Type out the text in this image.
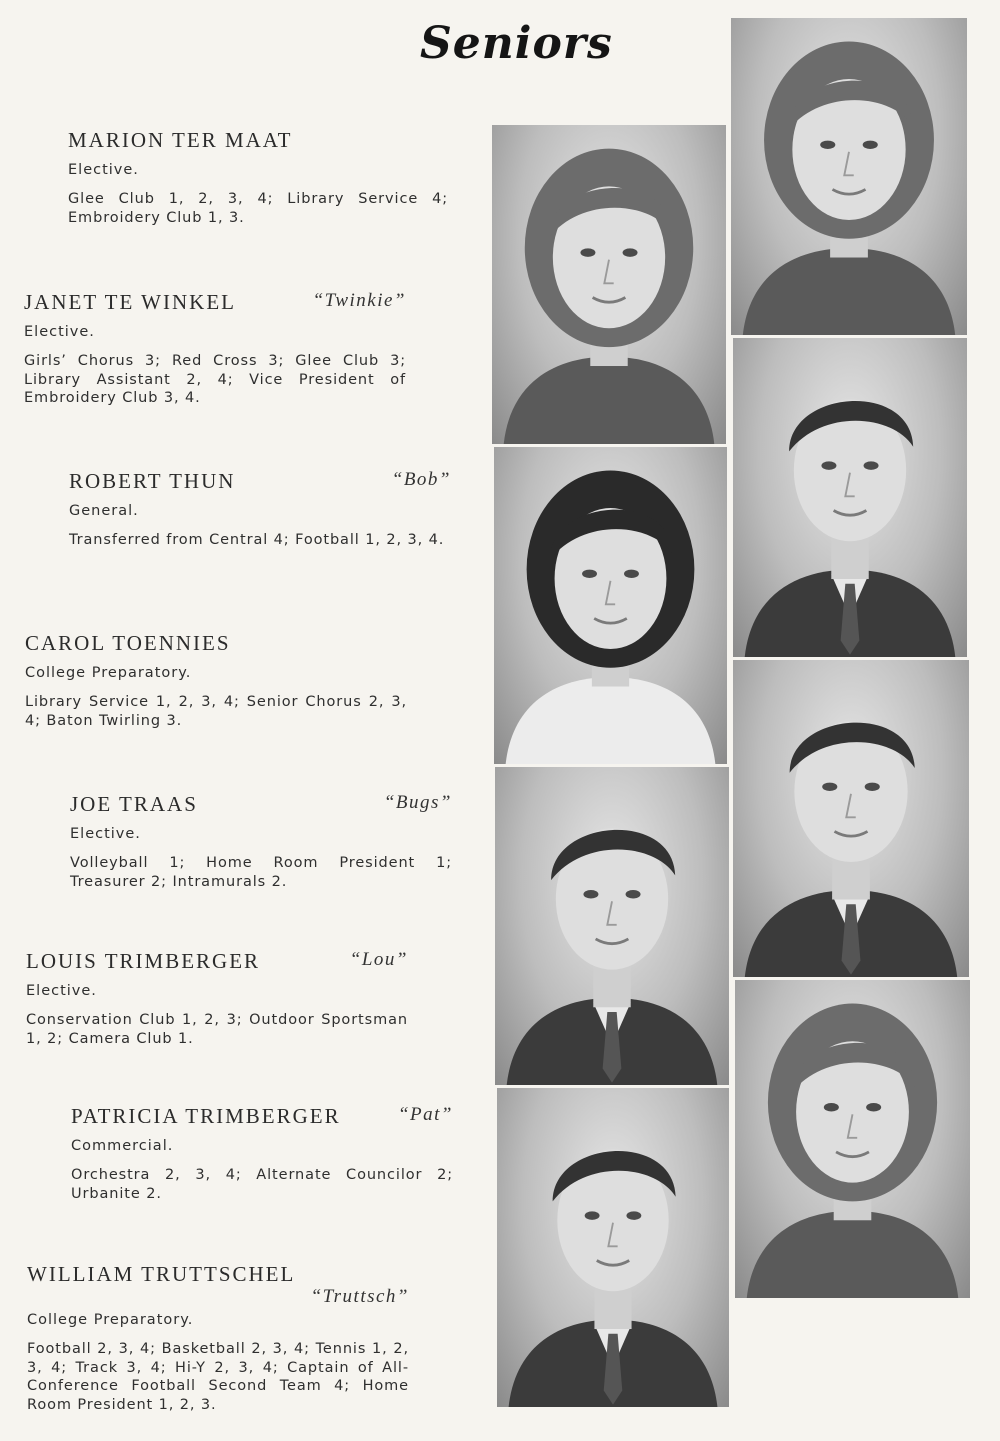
Seniors
MARION TER MAAT
Elective.
Glee Club 1, 2, 3, 4; Library Service 4; Embroidery Club 1, 3.
JANET TE WINKEL	“Twinkie”
Elective.
Girls’ Chorus 3; Red Cross 3; Glee Club 3; Library Assistant 2, 4; Vice President of Embroidery Club 3, 4.
ROBERT THUN	“Bob”
General.
Transferred from Central 4; Football 1, 2, 3, 4.
CAROL TOENNIES
College Preparatory.
Library Service 1, 2, 3, 4; Senior Chorus 2, 3, 4; Baton Twirling 3.
JOE TRAAS	“Bugs”
Elective.
Volleyball 1; Home Room President 1; Treasurer 2; Intramurals 2.
LOUIS TRIMBERGER	“Lou”
Elective.
Conservation Club 1, 2, 3; Outdoor Sportsman 1, 2; Camera Club 1.
PATRICIA TRIMBERGER	“Pat”
Commercial.
Orchestra 2, 3, 4; Alternate Councilor 2; Urbanite 2.
WILLIAM TRUTTSCHEL
“Truttsch”
College Preparatory.
Football 2, 3, 4; Basketball 2, 3, 4; Tennis 1, 2, 3, 4; Track 3, 4; Hi-Y 2, 3, 4; Captain of All-Conference Football Second Team 4; Home Room President 1, 2, 3.
